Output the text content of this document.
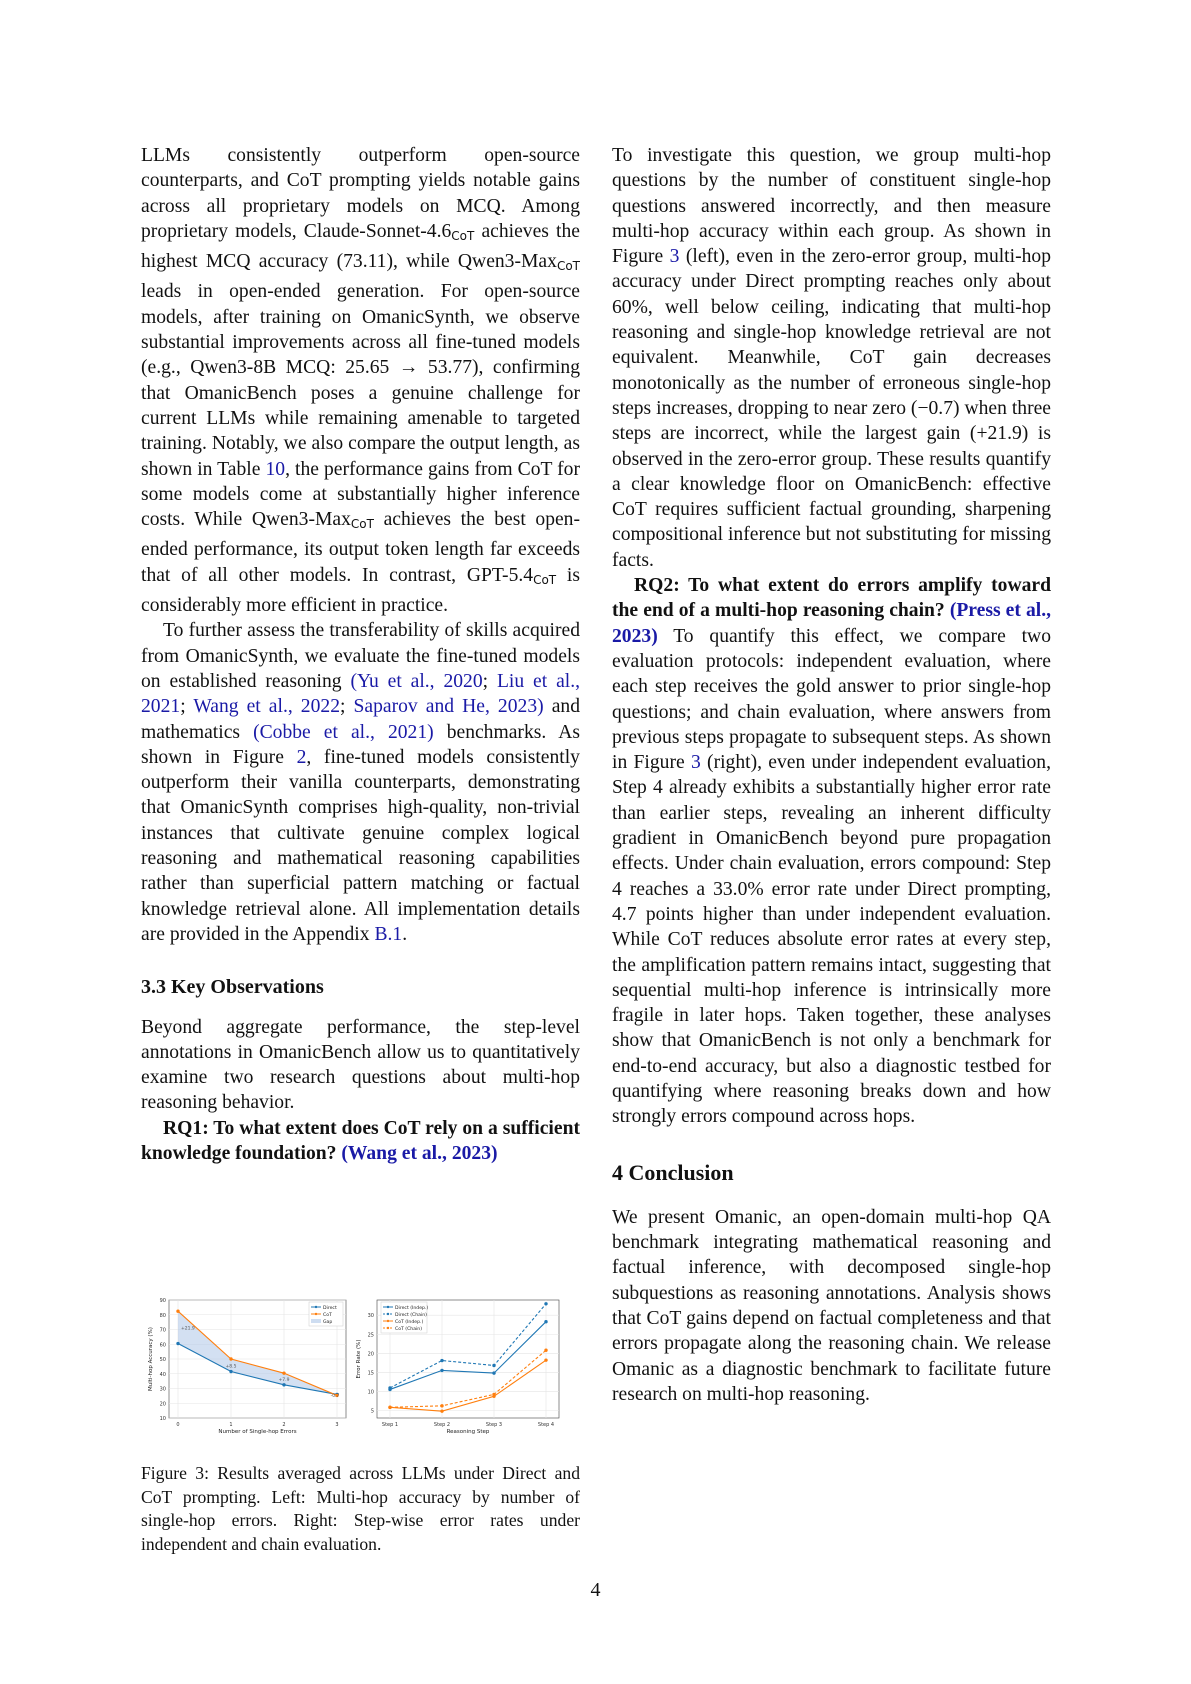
LLMs consistently outperform open-source counterparts, and CoT prompting yields notable gains across all proprietary models on MCQ. Among proprietary models, Claude-$Sonnet-4.6_{CoT}$ achieves the highest MCQ accuracy (73.11), while Qwen3-Max$_{CoT}$ leads in open-ended generation. For open-source models, after training on OmanicSynth, we observe substantial improvements across all fine-tuned models (e.g., Qwen3-8B MCQ: 25.65 → 53.77), confirming that OmanicBench poses a genuine challenge for current LLMs while remaining amenable to targeted training. Notably, we also compare the output length, as shown in Table 10, the performance gains from CoT for some models come at substantially higher inference costs. While Qwen3-Max$_{CoT}$ achieves the best open-ended performance, its output token length far exceeds that of all other models. In contrast, GPT-$5.4_{CoT}$ is considerably more efficient in practice.

To further assess the transferability of skills acquired from OmanicSynth, we evaluate the fine-tuned models on established reasoning (Yu et al., 2020; Liu et al., 2021; Wang et al., 2022; Saparov and He, 2023) and mathematics (Cobbe et al., 2021) benchmarks. As shown in Figure 2, fine-tuned models consistently outperform their vanilla counterparts, demonstrating that OmanicSynth comprises high-quality, non-trivial instances that cultivate genuine complex logical reasoning and mathematical reasoning capabilities rather than superficial pattern matching or factual knowledge retrieval alone. All implementation details are provided in the Appendix B.1.

3.3 Key Observations

Beyond aggregate performance, the step-level annotations in OmanicBench allow us to quantitatively examine two research questions about multi-hop reasoning behavior.

RQ1: To what extent does CoT rely on a sufficient knowledge foundation? (Wang et al., 2023)

To investigate this question, we group multi-hop questions by the number of constituent single-hop questions answered incorrectly, and then measure multi-hop accuracy within each group. As shown in Figure 3 (left), even in the zero-error group, multi-hop accuracy under Direct prompting reaches only about 60%, well below ceiling, indicating that multi-hop reasoning and single-hop knowledge retrieval are not equivalent. Meanwhile, CoT gain decreases monotonically as the number of erroneous single-hop steps increases, dropping to near zero (−0.7) when three steps are incorrect, while the largest gain (+21.9) is observed in the zero-error group. These results quantify a clear knowledge floor on OmanicBench: effective CoT requires sufficient factual grounding, sharpening compositional inference but not substituting for missing facts.

RQ2: To what extent do errors amplify toward the end of a multi-hop reasoning chain? (Press et al., 2023) To quantify this effect, we compare two evaluation protocols: independent evaluation, where each step receives the gold answer to prior single-hop questions; and chain evaluation, where answers from previous steps propagate to subsequent steps. As shown in Figure 3 (right), even under independent evaluation, Step 4 already exhibits a substantially higher error rate than earlier steps, revealing an inherent difficulty gradient in OmanicBench beyond pure propagation effects. Under chain evaluation, errors compound: Step 4 reaches a 33.0% error rate under Direct prompting, 4.7 points higher than under independent evaluation. While CoT reduces absolute error rates at every step, the amplification pattern remains intact, suggesting that sequential multi-hop inference is intrinsically more fragile in later hops. Taken together, these analyses show that OmanicBench is not only a benchmark for end-to-end accuracy, but also a diagnostic testbed for quantifying where reasoning breaks down and how strongly errors compound across hops.

4 Conclusion

We present Omanic, an open-domain multi-hop QA benchmark integrating mathematical reasoning and factual inference, with decomposed single-hop subquestions as reasoning annotations. Analysis shows that CoT gains depend on factual completeness and that errors propagate along the reasoning chain. We release Omanic as a diagnostic benchmark to facilitate future research on multi-hop reasoning.

10
20
30
40
50
60
70
80
90
0	1	2	3
Number of Single-hop Errors
Multi-hop Accuracy (%)	+21.9
+8.5
+7.9
-0.7
Direct
CoT
Gap
5
10
15
20
25
30
Step 1	Step 2	Step 3	Step 4
Reasoning Step
Error Rate (%)
Direct (Indep.)
Direct (Chain)
CoT (Indep.)
CoT (Chain)
Figure 3: Results averaged across LLMs under Direct and CoT prompting. Left: Multi-hop accuracy by number of single-hop errors. Right: Step-wise error rates under independent and chain evaluation.
4
